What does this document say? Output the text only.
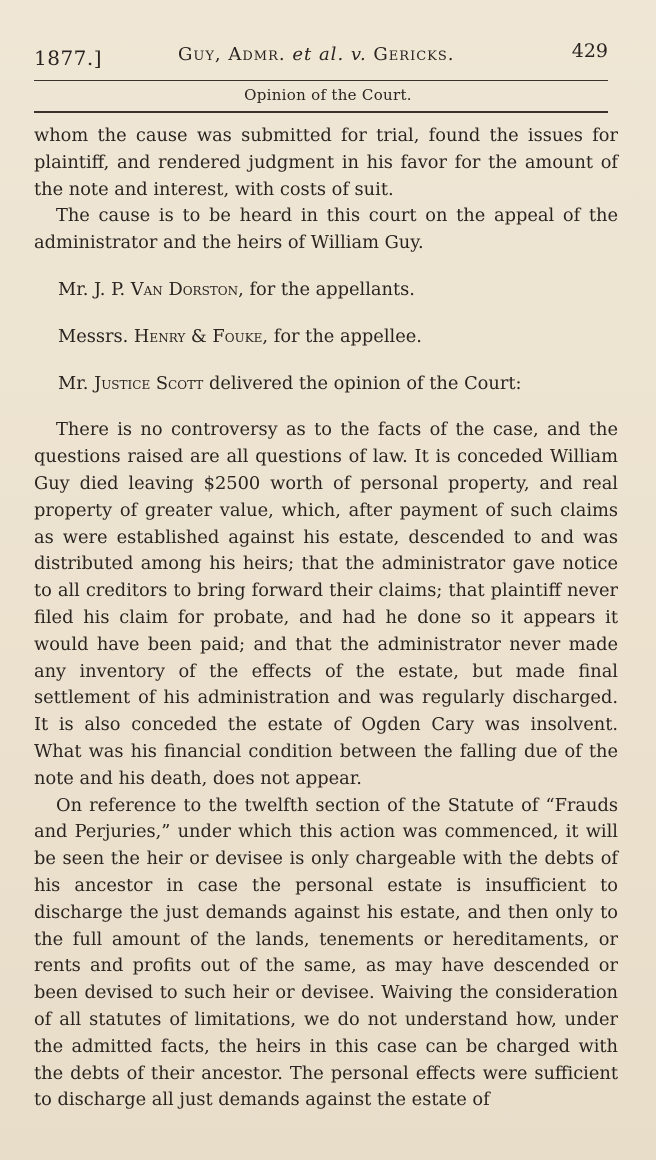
1877.]	Guy, Admr. et al. v. Gericks.	429
Opinion of the Court.

whom the cause was submitted for trial, found the issues for plaintiff, and rendered judgment in his favor for the amount of the note and interest, with costs of suit.

The cause is to be heard in this court on the appeal of the administrator and the heirs of William Guy.

Mr. J. P. Van Dorston, for the appellants.

Messrs. Henry & Fouke, for the appellee.

Mr. Justice Scott delivered the opinion of the Court:

There is no controversy as to the facts of the case, and the questions raised are all questions of law. It is conceded William Guy died leaving $2500 worth of personal property, and real property of greater value, which, after payment of such claims as were established against his estate, descended to and was distributed among his heirs; that the administrator gave notice to all creditors to bring forward their claims; that plaintiff never filed his claim for probate, and had he done so it appears it would have been paid; and that the administrator never made any inventory of the effects of the estate, but made final settlement of his administration and was regularly discharged. It is also conceded the estate of Ogden Cary was insolvent. What was his financial condition between the falling due of the note and his death, does not appear.

On reference to the twelfth section of the Statute of “Frauds and Perjuries,” under which this action was commenced, it will be seen the heir or devisee is only chargeable with the debts of his ancestor in case the personal estate is insufficient to discharge the just demands against his estate, and then only to the full amount of the lands, tenements or hereditaments, or rents and profits out of the same, as may have descended or been devised to such heir or devisee. Waiving the consideration of all statutes of limitations, we do not understand how, under the admitted facts, the heirs in this case can be charged with the debts of their ancestor. The personal effects were sufficient to discharge all just demands against the estate of
